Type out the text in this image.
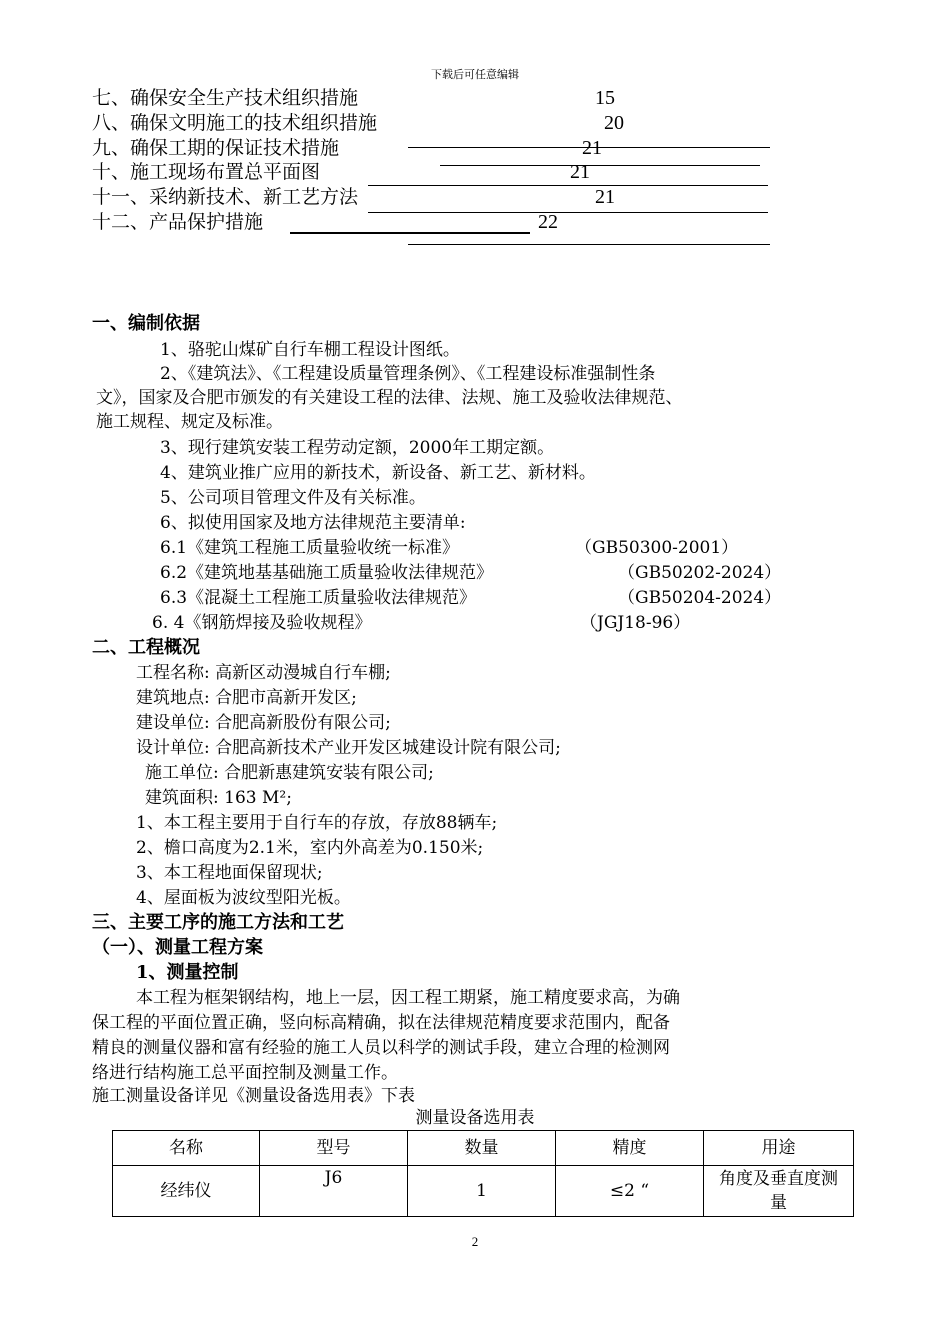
下载后可任意编辑
七、确保安全生产技术组织措施	15
八、确保文明施工的技术组织措施	20
九、确保工期的保证技术措施	21
十、施工现场布置总平面图	21
十一、采纳新技术、新工艺方法	21
十二、产品保护措施	22
一、编制依据
1、骆驼山煤矿自行车棚工程设计图纸。
2、《建筑法》、《工程建设质量管理条例》、《工程建设标准强制性条
文》，国家及合肥市颁发的有关建设工程的法律、法规、施工及验收法律规范、
施工规程、规定及标准。
3、现行建筑安装工程劳动定额，2000年工期定额。
4、建筑业推广应用的新技术，新设备、新工艺、新材料。
5、公司项目管理文件及有关标准。
6、拟使用国家及地方法律规范主要清单:
6.1《建筑工程施工质量验收统一标准》	（GB50300-2001）
6.2《建筑地基基础施工质量验收法律规范》	（GB50202-2024）
6.3《混凝土工程施工质量验收法律规范》	（GB50204-2024）
6. 4《钢筋焊接及验收规程》	（JGJ18-96）
二、工程概况
工程名称: 高新区动漫城自行车棚;
建筑地点: 合肥市高新开发区;
建设单位: 合肥高新股份有限公司;
设计单位: 合肥高新技术产业开发区城建设计院有限公司;
施工单位: 合肥新惠建筑安装有限公司;
建筑面积: 163 M²;
1、本工程主要用于自行车的存放，存放88辆车;
2、檐口高度为2.1米，室内外高差为0.150米;
3、本工程地面保留现状;
4、屋面板为波纹型阳光板。
三、主要工序的施工方法和工艺
（一）、测量工程方案
1、测量控制
本工程为框架钢结构，地上一层，因工程工期紧，施工精度要求高，为确
保工程的平面位置正确，竖向标高精确，拟在法律规范精度要求范围内，配备
精良的测量仪器和富有经验的施工人员以科学的测试手段，建立合理的检测网
络进行结构施工总平面控制及测量工作。
施工测量设备详见《测量设备选用表》下表
测量设备选用表
名称	型号	数量	精度	用途
经纬仪	J6	1	≤2 “	角度及垂直度测量
2
